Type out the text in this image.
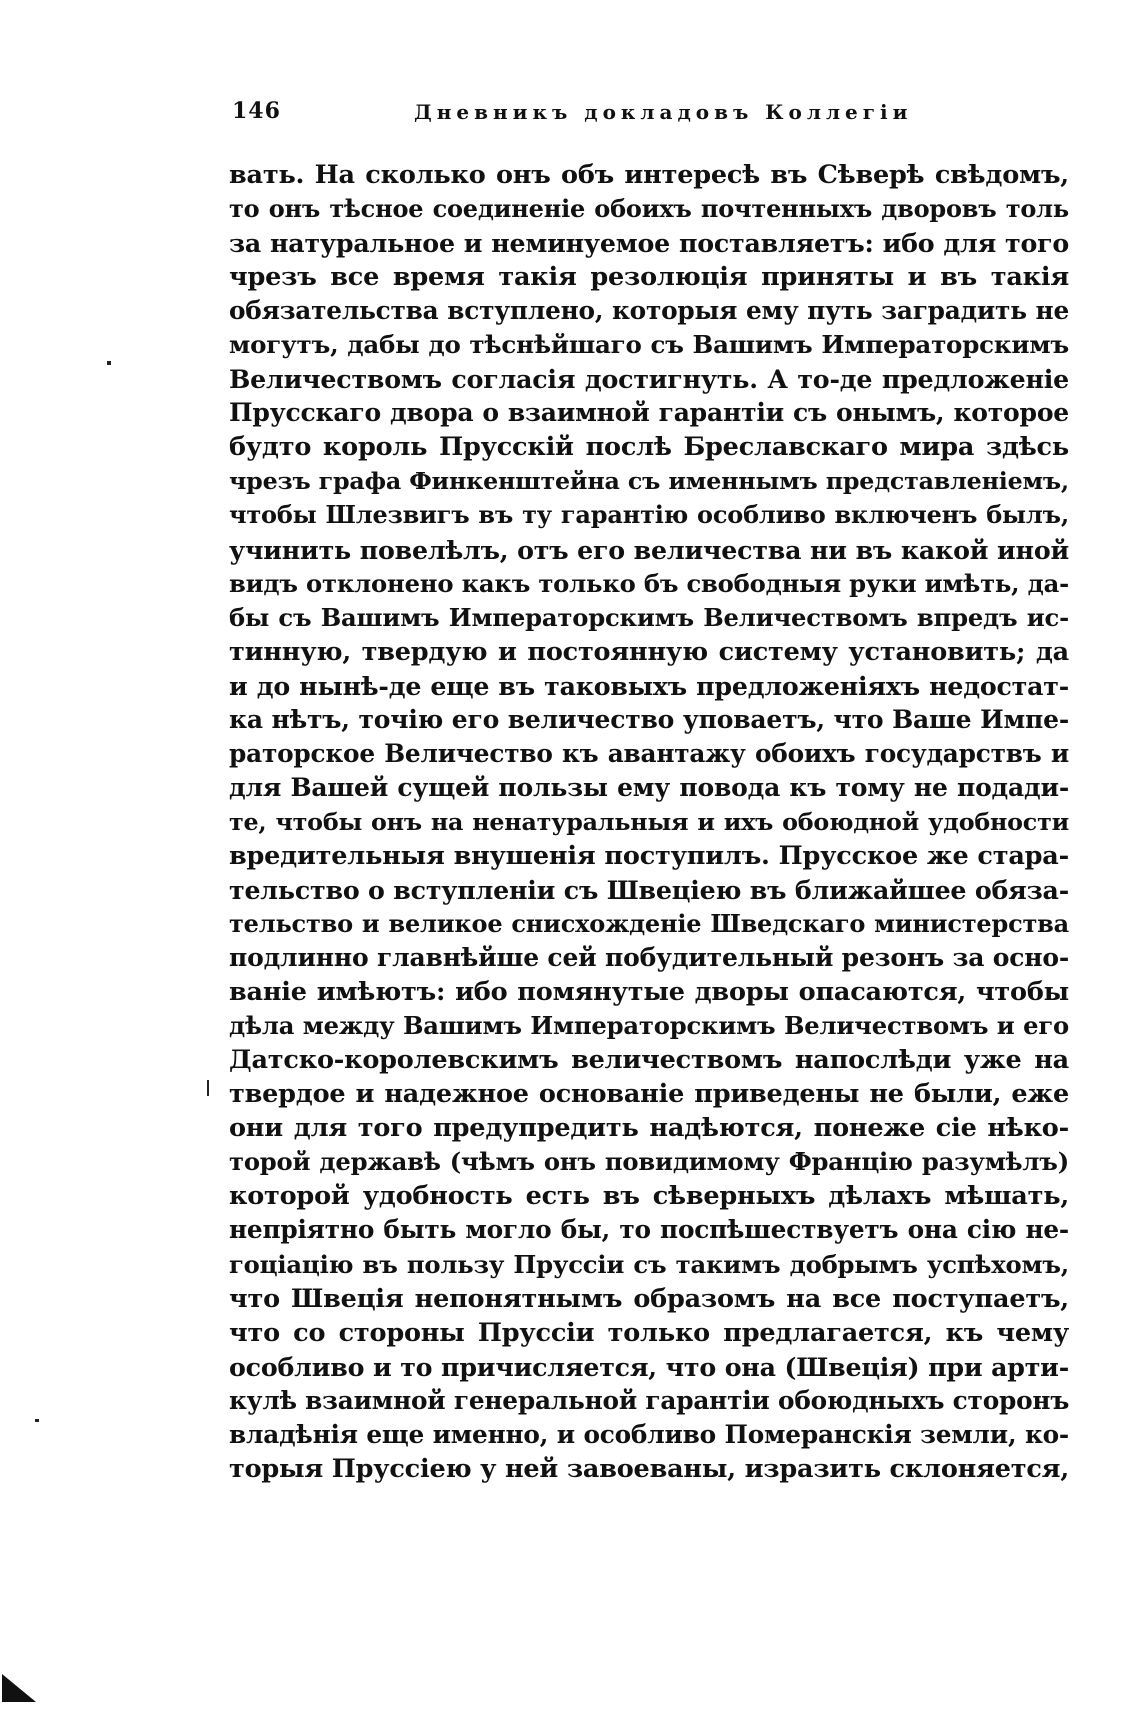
146	Дневникъ докладовъ Коллегіи
вать. На сколько онъ объ интересѣ въ Сѣверѣ свѣдомъ,
то онъ тѣсное соединеніе обоихъ почтенныхъ дворовъ толь
за натуральное и неминуемое поставляетъ: ибо для того
чрезъ все время такія резолюція приняты и въ такія
обязательства вступлено, которыя ему путь заградить не
могутъ, дабы до тѣснѣйшаго съ Вашимъ Императорскимъ
Величествомъ согласія достигнуть. А то-де предложеніе
Прусскаго двора о взаимной гарантіи съ онымъ, которое
будто король Прусскій послѣ Бреславскаго мира здѣсь
чрезъ графа Финкенштейна съ именнымъ представленіемъ,
чтобы Шлезвигъ въ ту гарантію особливо включенъ былъ,
учинить повелѣлъ, отъ его величества ни въ какой иной
видъ отклонено какъ только бъ свободныя руки имѣть, да-
бы съ Вашимъ Императорскимъ Величествомъ впредъ ис-
тинную, твердую и постоянную систему установить; да
и до нынѣ-де еще въ таковыхъ предложеніяхъ недостат-
ка нѣтъ, точію его величество уповаетъ, что Ваше Импе-
раторское Величество къ авантажу обоихъ государствъ и
для Вашей сущей пользы ему повода къ тому не подади-
те, чтобы онъ на ненатуральныя и ихъ обоюдной удобности
вредительныя внушенія поступилъ. Прусское же стара-
тельство о вступленіи съ Швеціею въ ближайшее обяза-
тельство и великое снисхожденіе Шведскаго министерства
подлинно главнѣйше сей побудительный резонъ за осно-
ваніе имѣютъ: ибо помянутые дворы опасаются, чтобы
дѣла между Вашимъ Императорскимъ Величествомъ и его
Датско-королевскимъ величествомъ напослѣди уже на
твердое и надежное основаніе приведены не были, еже
они для того предупредить надѣются, понеже сіе нѣко-
торой державѣ (чѣмъ онъ повидимому Францію разумѣлъ)
которой удобность есть въ сѣверныхъ дѣлахъ мѣшать,
непріятно быть могло бы, то поспѣшествуетъ она сію не-
гоціацію въ пользу Пруссіи съ такимъ добрымъ успѣхомъ,
что Швеція непонятнымъ образомъ на все поступаетъ,
что со стороны Пруссіи только предлагается, къ чему
особливо и то причисляется, что она (Швеція) при арти-
кулѣ взаимной генеральной гарантіи обоюдныхъ сторонъ
владѣнія еще именно, и особливо Померанскія земли, ко-
торыя Пруссіею у ней завоеваны, изразить склоняется,
